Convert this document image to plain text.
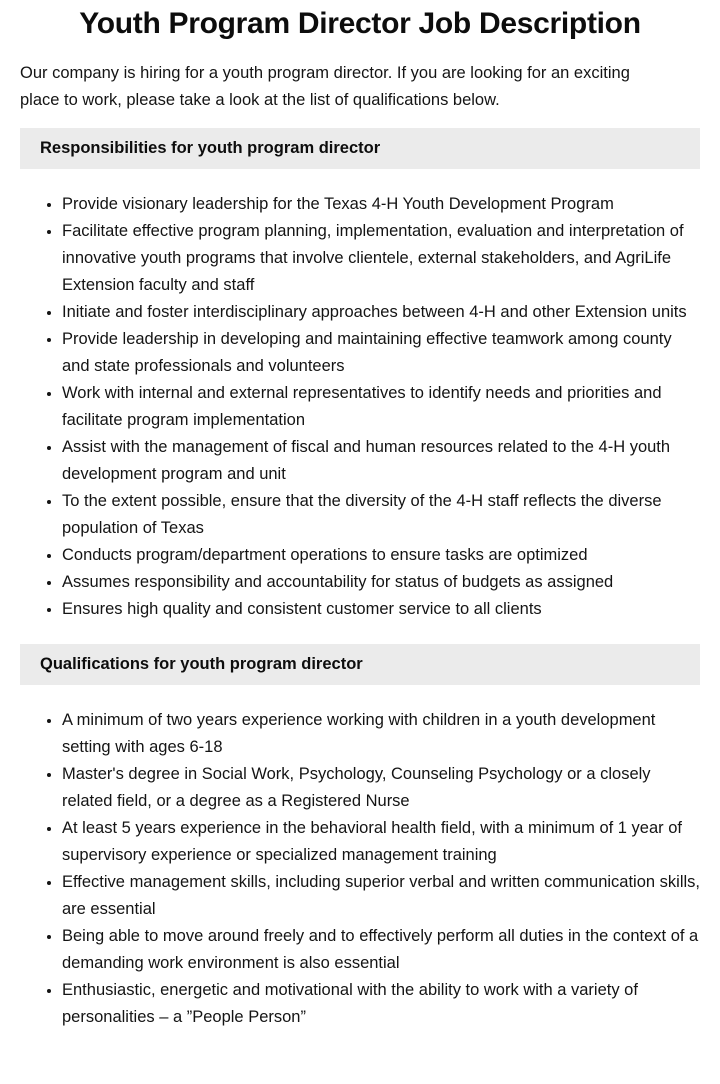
Youth Program Director Job Description

Our company is hiring for a youth program director. If you are looking for an exciting place to work, please take a look at the list of qualifications below.

Responsibilities for youth program director
• Provide visionary leadership for the Texas 4-H Youth Development Program
• Facilitate effective program planning, implementation, evaluation and interpretation of innovative youth programs that involve clientele, external stakeholders, and AgriLife Extension faculty and staff
• Initiate and foster interdisciplinary approaches between 4-H and other Extension units
• Provide leadership in developing and maintaining effective teamwork among county and state professionals and volunteers
• Work with internal and external representatives to identify needs and priorities and facilitate program implementation
• Assist with the management of fiscal and human resources related to the 4-H youth development program and unit
• To the extent possible, ensure that the diversity of the 4-H staff reflects the diverse population of Texas
• Conducts program/department operations to ensure tasks are optimized
• Assumes responsibility and accountability for status of budgets as assigned
• Ensures high quality and consistent customer service to all clients
Qualifications for youth program director
• A minimum of two years experience working with children in a youth development setting with ages 6-18
• Master's degree in Social Work, Psychology, Counseling Psychology or a closely related field, or a degree as a Registered Nurse
• At least 5 years experience in the behavioral health field, with a minimum of 1 year of supervisory experience or specialized management training
• Effective management skills, including superior verbal and written communication skills, are essential
• Being able to move around freely and to effectively perform all duties in the context of a demanding work environment is also essential
• Enthusiastic, energetic and motivational with the ability to work with a variety of personalities – a ”People Person”
